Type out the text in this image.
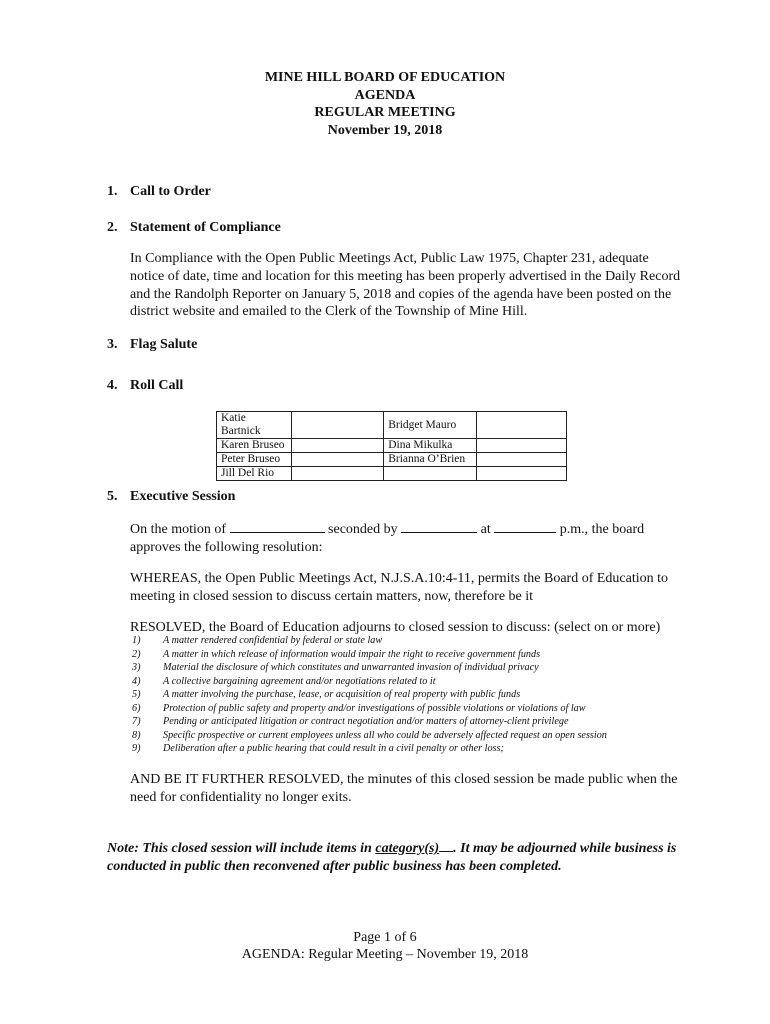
MINE HILL BOARD OF EDUCATION
AGENDA
REGULAR MEETING
November 19, 2018
1. Call to Order
2. Statement of Compliance
In Compliance with the Open Public Meetings Act, Public Law 1975, Chapter 231, adequate notice of date, time and location for this meeting has been properly advertised in the Daily Record and the Randolph Reporter on January 5, 2018 and copies of the agenda have been posted on the district website and emailed to the Clerk of the Township of Mine Hill.
3. Flag Salute
4. Roll Call
Katie Bartnick		Bridget Mauro	
Karen Bruseo		Dina Mikulka	
Peter Bruseo		Brianna O’Brien	
Jill Del Rio			
5. Executive Session

On the motion of	seconded by	at	p.m., the board

approves the following resolution:

WHEREAS, the Open Public Meetings Act, N.J.S.A.10:4-11, permits the Board of Education to meeting in closed session to discuss certain matters, now, therefore be it
RESOLVED, the Board of Education adjourns to closed session to discuss: (select on or more)
1) A matter rendered confidential by federal or state law
2) A matter in which release of information would impair the right to receive government funds
3) Material the disclosure of which constitutes and unwarranted invasion of individual privacy
4) A collective bargaining agreement and/or negotiations related to it
5) A matter involving the purchase, lease, or acquisition of real property with public funds
6) Protection of public safety and property and/or investigations of possible violations or violations of law
7) Pending or anticipated litigation or contract negotiation and/or matters of attorney-client privilege
8) Specific prospective or current employees unless all who could be adversely affected request an open session
9) Deliberation after a public hearing that could result in a civil penalty or other loss;
AND BE IT FURTHER RESOLVED, the minutes of this closed session be made public when the need for confidentiality no longer exits.
Note: This closed session will include items in category(s) . It may be adjourned while business is conducted in public then reconvened after public business has been completed.
Page 1 of 6
AGENDA: Regular Meeting – November 19, 2018
